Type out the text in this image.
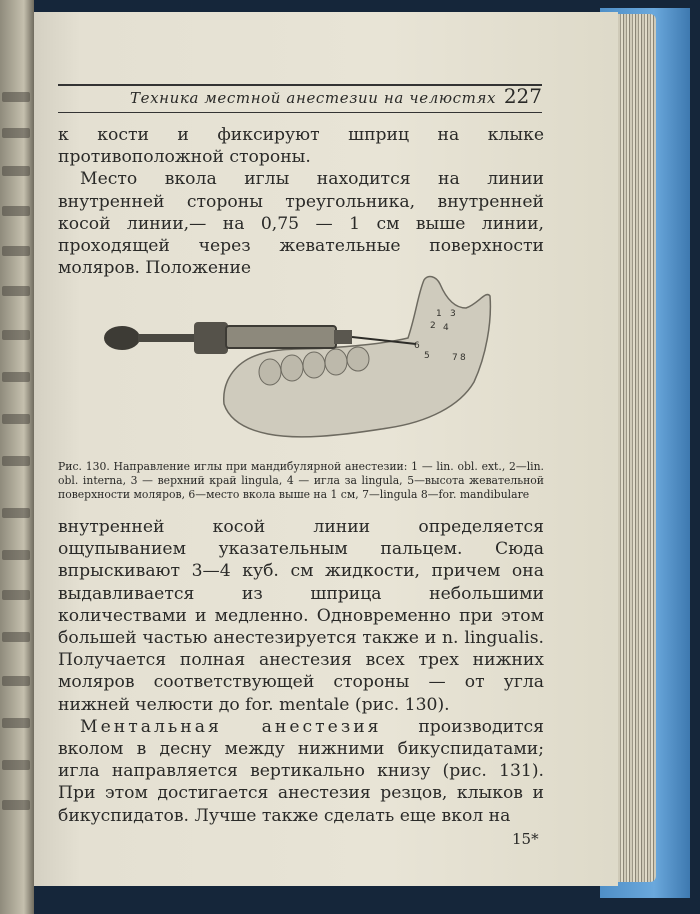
Техника местной анестезии на челюстях 227

к кости и фиксируют шприц на клыке противоположной стороны.

Место вкола иглы находится на линии внутренней стороны треугольника, внутренней косой линии,— на 0,75 — 1 см выше линии, проходящей через жевательные поверхности моляров. Положение

1
2
3
4
5
6
7 8
Рис. 130. Направление иглы при мандибулярной анестезии: 1 — lin. obl. ext., 2—lin. obl. interna, 3 — верхний край lingula, 4 — игла за lingula, 5—высота жевательной поверхности моляров, 6—место вкола выше на 1 см, 7—lingula 8—for. mandibulare

внутренней косой линии определяется ощупыванием указательным пальцем. Сюда впрыскивают 3—4 куб. см жидкости, причем она выдавливается из шприца небольшими количествами и медленно. Одновременно при этом большей частью анестезируется также и n. lingualis. Получается полная анестезия всех трех нижних моляров соответствующей стороны — от угла нижней челюсти до for. mentale (рис. 130).

Ментальная анестезия производится вколом в десну между нижними бикуспидатами; игла направляется вертикально книзу (рис. 131). При этом достигается анестезия резцов, клыков и бикуспидатов. Лучше также сделать еще вкол на

15*
